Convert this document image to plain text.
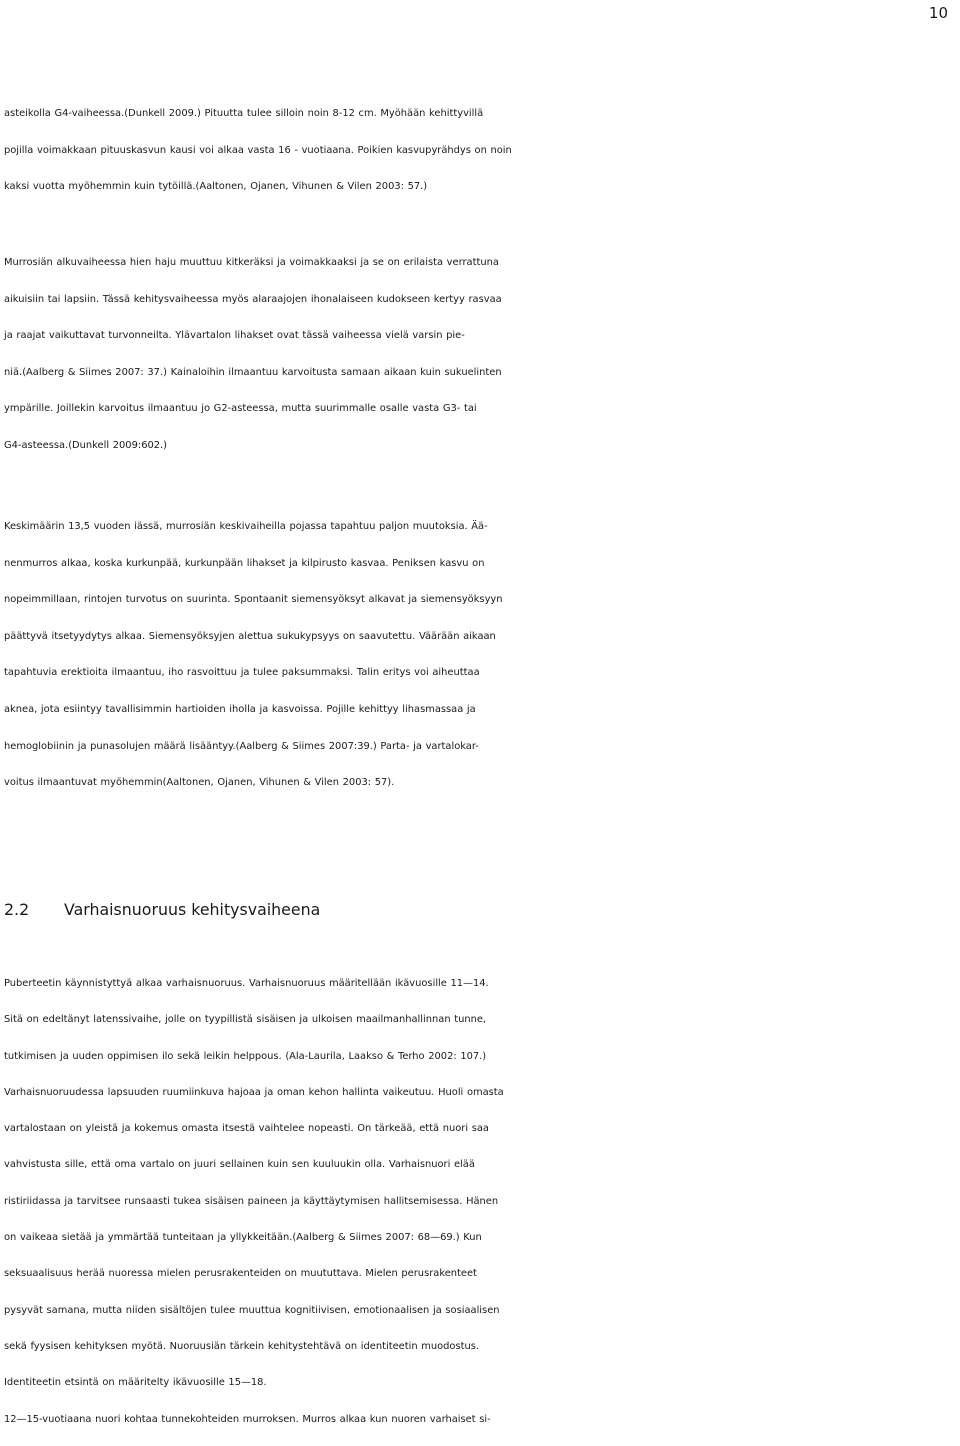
10
asteikolla G4-vaiheessa.(Dunkell 2009.) Pituutta tulee silloin noin 8-12 cm. Myöhään kehittyvillä
pojilla voimakkaan pituuskasvun kausi voi alkaa vasta 16 - vuotiaana. Poikien kasvupyrähdys on noin
kaksi vuotta myöhemmin kuin tytöillä.(Aaltonen, Ojanen, Vihunen & Vilen 2003: 57.)
Murrosiän alkuvaiheessa hien haju muuttuu kitkeräksi ja voimakkaaksi ja se on erilaista verrattuna
aikuisiin tai lapsiin. Tässä kehitysvaiheessa myös alaraajojen ihonalaiseen kudokseen kertyy rasvaa
ja raajat vaikuttavat turvonneilta. Ylävartalon lihakset ovat tässä vaiheessa vielä varsin pie-
niä.(Aalberg & Siimes 2007: 37.) Kainaloihin ilmaantuu karvoitusta samaan aikaan kuin sukuelinten
ympärille. Joillekin karvoitus ilmaantuu jo G2-asteessa, mutta suurimmalle osalle vasta G3- tai
G4-asteessa.(Dunkell 2009:602.)
Keskimäärin 13,5 vuoden iässä, murrosiän keskivaiheilla pojassa tapahtuu paljon muutoksia. Ää-
nenmurros alkaa, koska kurkunpää, kurkunpään lihakset ja kilpirusto kasvaa. Peniksen kasvu on
nopeimmillaan, rintojen turvotus on suurinta. Spontaanit siemensyöksyt alkavat ja siemensyöksyyn
päättyvä itsetyydytys alkaa. Siemensyöksyjen alettua sukukypsyys on saavutettu. Väärään aikaan
tapahtuvia erektioita ilmaantuu, iho rasvoittuu ja tulee paksummaksi. Talin eritys voi aiheuttaa
aknea, jota esiintyy tavallisimmin hartioiden iholla ja kasvoissa. Pojille kehittyy lihasmassaa ja
hemoglobiinin ja punasolujen määrä lisääntyy.(Aalberg & Siimes 2007:39.) Parta- ja vartalokar-
voitus ilmaantuvat myöhemmin(Aaltonen, Ojanen, Vihunen & Vilen 2003: 57).
2.2 Varhaisnuoruus kehitysvaiheena
Puberteetin käynnistyttyä alkaa varhaisnuoruus. Varhaisnuoruus määritellään ikävuosille 11—14.
Sitä on edeltänyt latenssivaihe, jolle on tyypillistä sisäisen ja ulkoisen maailmanhallinnan tunne,
tutkimisen ja uuden oppimisen ilo sekä leikin helppous. (Ala-Laurila, Laakso & Terho 2002: 107.)
Varhaisnuoruudessa lapsuuden ruumiinkuva hajoaa ja oman kehon hallinta vaikeutuu. Huoli omasta
vartalostaan on yleistä ja kokemus omasta itsestä vaihtelee nopeasti. On tärkeää, että nuori saa
vahvistusta sille, että oma vartalo on juuri sellainen kuin sen kuuluukin olla. Varhaisnuori elää
ristiriidassa ja tarvitsee runsaasti tukea sisäisen paineen ja käyttäytymisen hallitsemisessa. Hänen
on vaikeaa sietää ja ymmärtää tunteitaan ja yllykkeitään.(Aalberg & Siimes 2007: 68—69.) Kun
seksuaalisuus herää nuoressa mielen perusrakenteiden on muututtava. Mielen perusrakenteet
pysyvät samana, mutta niiden sisältöjen tulee muuttua kognitiivisen, emotionaalisen ja sosiaalisen
sekä fyysisen kehityksen myötä. Nuoruusiän tärkein kehitystehtävä on identiteetin muodostus.
Identiteetin etsintä on määritelty ikävuosille 15—18.
12—15-vuotiaana nuori kohtaa tunnekohteiden murroksen. Murros alkaa kun nuoren varhaiset si-
